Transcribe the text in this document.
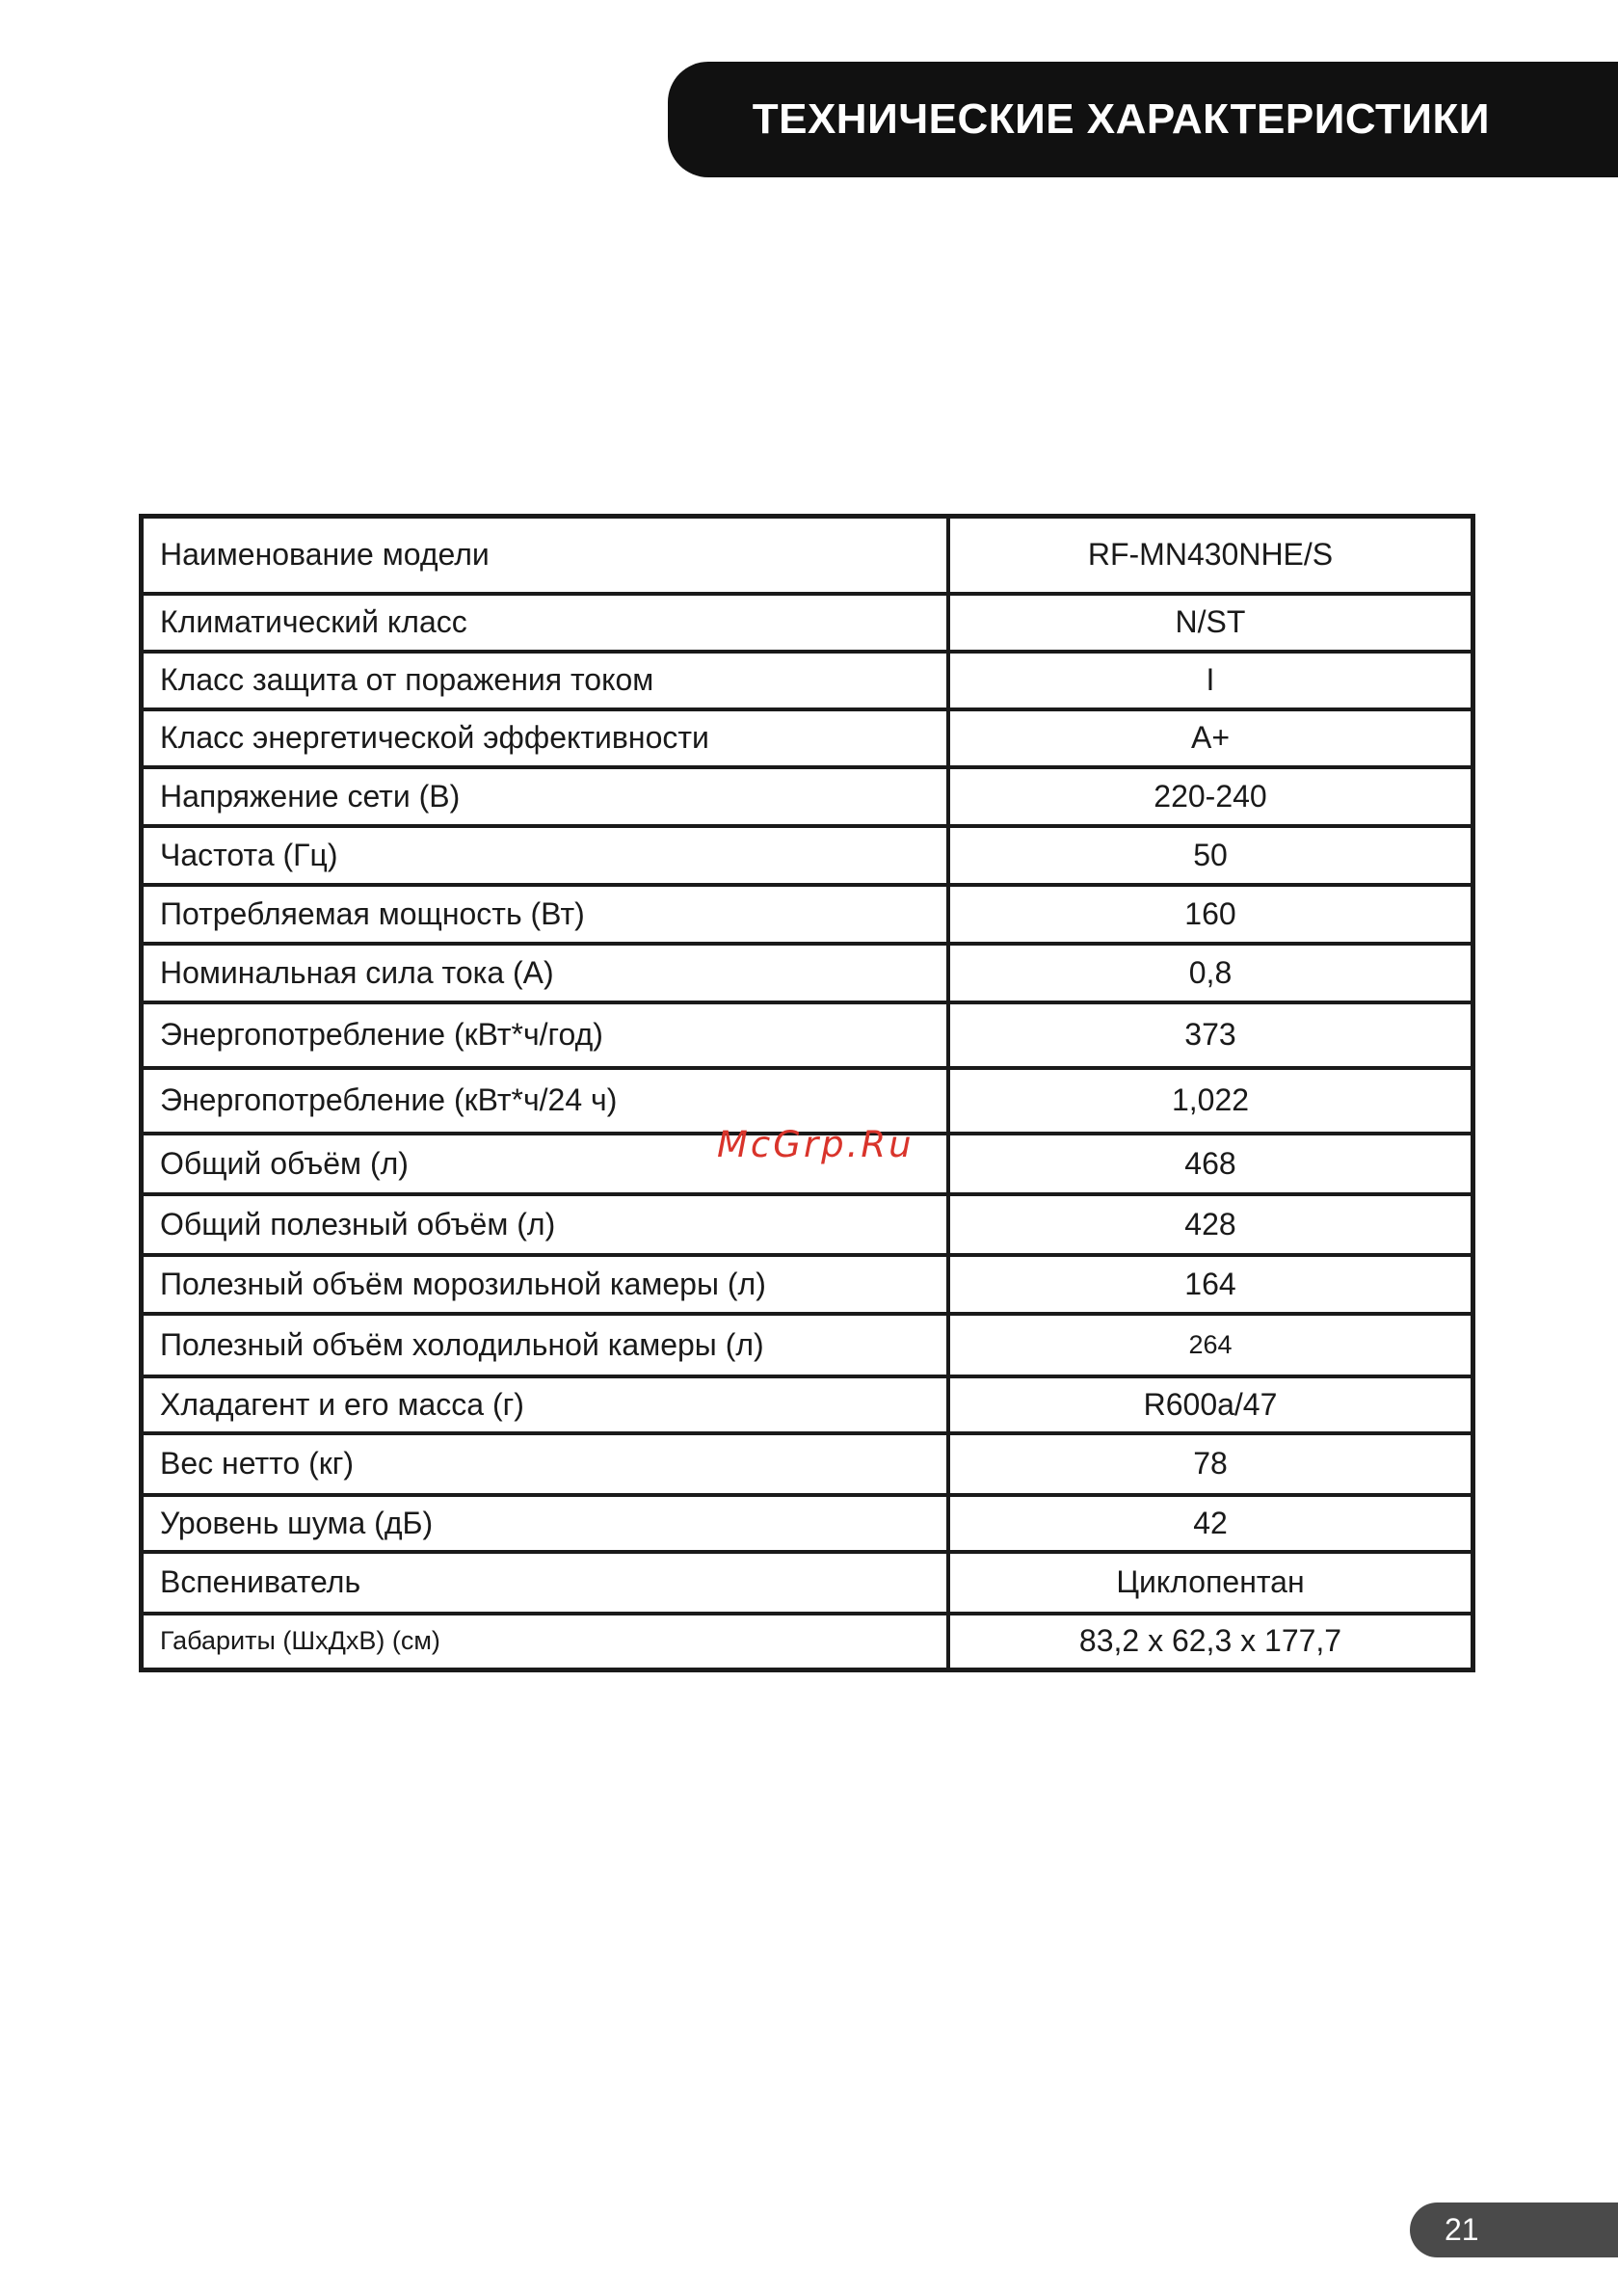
ТЕХНИЧЕСКИЕ ХАРАКТЕРИСТИКИ
Наименование модели	RF-MN430NHE/S
Климатический класс	N/ST
Класс защита от поражения током	I
Класс энергетической эффективности	A+
Напряжение сети (В)	220-240
Частота (Гц)	50
Потребляемая мощность (Вт)	160
Номинальная сила тока (А)	0,8
Энергопотребление (кВт*ч/год)	373
Энергопотребление (кВт*ч/24 ч)	1,022
Общий объём (л)	468
Общий полезный объём (л)	428
Полезный объём морозильной камеры (л)	164
Полезный объём холодильной камеры (л)	264
Хладагент и его масса (г)	R600a/47
Вес нетто (кг)	78
Уровень шума (дБ)	42
Вспениватель	Циклопентан
Габариты (ШхДхВ) (см)	83,2 х 62,3 х 177,7
McGrp.Ru
21
